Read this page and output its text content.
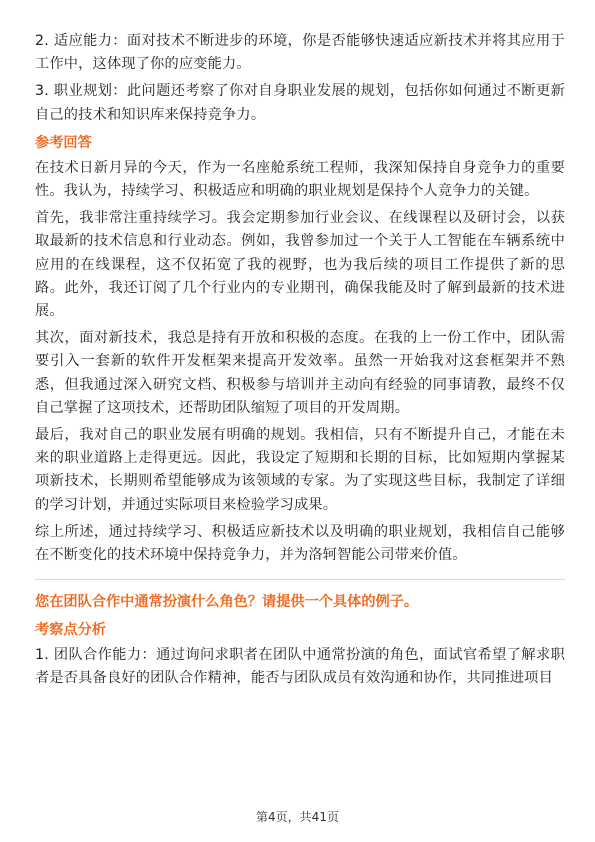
2. 适应能力：面对技术不断进步的环境，你是否能够快速适应新技术并将其应用于工作中，这体现了你的应变能力。

3. 职业规划：此问题还考察了你对自身职业发展的规划，包括你如何通过不断更新自己的技术和知识库来保持竞争力。

参考回答

在技术日新月异的今天，作为一名座舱系统工程师，我深知保持自身竞争力的重要性。我认为，持续学习、积极适应和明确的职业规划是保持个人竞争力的关键。

首先，我非常注重持续学习。我会定期参加行业会议、在线课程以及研讨会，以获取最新的技术信息和行业动态。例如，我曾参加过一个关于人工智能在车辆系统中应用的在线课程，这不仅拓宽了我的视野，也为我后续的项目工作提供了新的思路。此外，我还订阅了几个行业内的专业期刊，确保我能及时了解到最新的技术进展。

其次，面对新技术，我总是持有开放和积极的态度。在我的上一份工作中，团队需要引入一套新的软件开发框架来提高开发效率。虽然一开始我对这套框架并不熟悉，但我通过深入研究文档、积极参与培训并主动向有经验的同事请教，最终不仅自己掌握了这项技术，还帮助团队缩短了项目的开发周期。

最后，我对自己的职业发展有明确的规划。我相信，只有不断提升自己，才能在未来的职业道路上走得更远。因此，我设定了短期和长期的目标，比如短期内掌握某项新技术，长期则希望能够成为该领域的专家。为了实现这些目标，我制定了详细的学习计划，并通过实际项目来检验学习成果。

综上所述，通过持续学习、积极适应新技术以及明确的职业规划，我相信自己能够在不断变化的技术环境中保持竞争力，并为洛轲智能公司带来价值。

您在团队合作中通常扮演什么角色？请提供一个具体的例子。
考察点分析

1. 团队合作能力：通过询问求职者在团队中通常扮演的角色，面试官希望了解求职者是否具备良好的团队合作精神，能否与团队成员有效沟通和协作，共同推进项目

第4页，共41页
